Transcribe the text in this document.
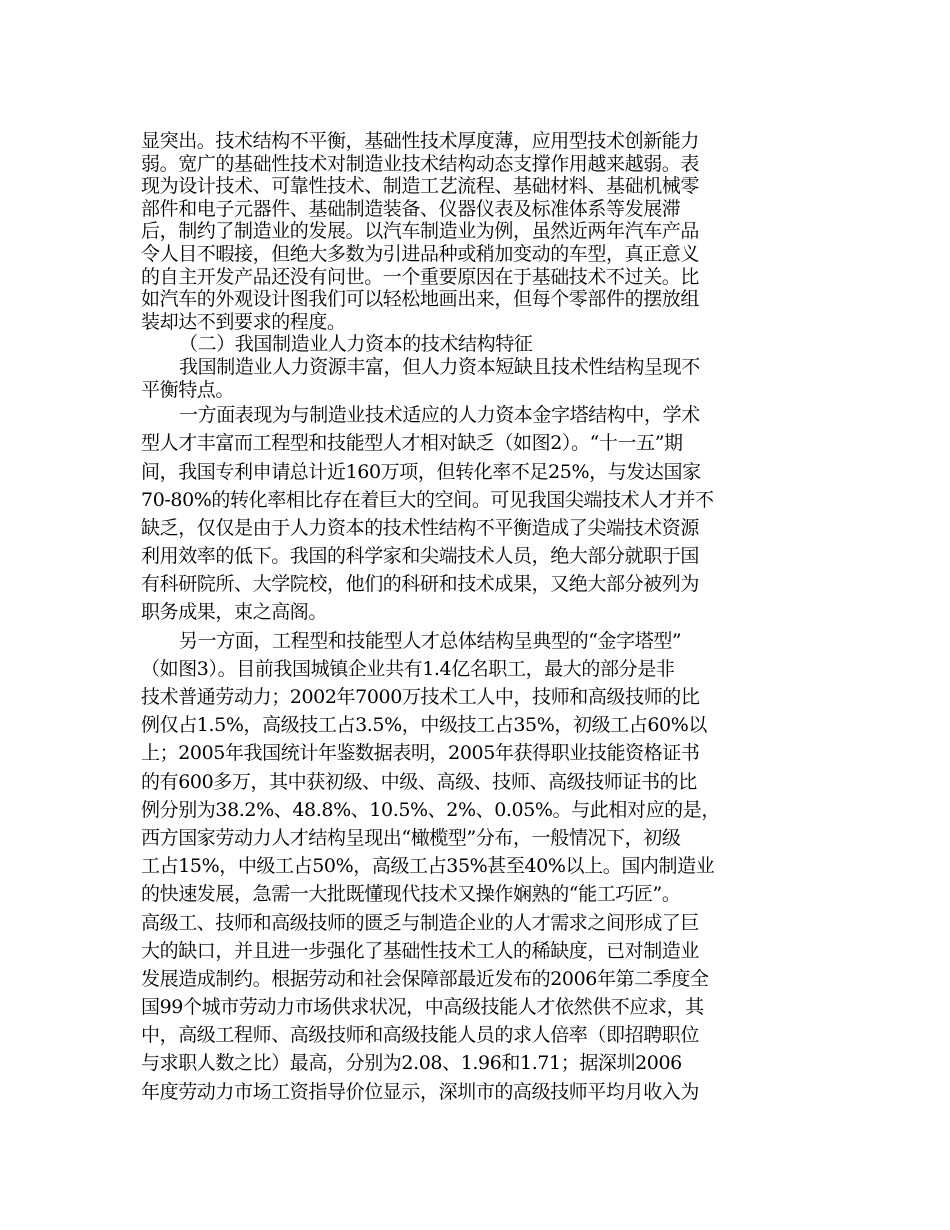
显突出。技术结构不平衡，基础性技术厚度薄，应用型技术创新能力
弱。宽广的基础性技术对制造业技术结构动态支撑作用越来越弱。表
现为设计技术、可靠性技术、制造工艺流程、基础材料、基础机械零
部件和电子元器件、基础制造装备、仪器仪表及标准体系等发展滞
后，制约了制造业的发展。以汽车制造业为例，虽然近两年汽车产品
令人目不暇接，但绝大多数为引进品种或稍加变动的车型，真正意义
的自主开发产品还没有问世。一个重要原因在于基础技术不过关。比
如汽车的外观设计图我们可以轻松地画出来，但每个零部件的摆放组
装却达不到要求的程度。
（二）我国制造业人力资本的技术结构特征
我国制造业人力资源丰富，但人力资本短缺且技术性结构呈现不
平衡特点。
一方面表现为与制造业技术适应的人力资本金字塔结构中，学术
型人才丰富而工程型和技能型人才相对缺乏（如图2）。“十一五”期
间，我国专利申请总计近160万项，但转化率不足25%，与发达国家
70-80%的转化率相比存在着巨大的空间。可见我国尖端技术人才并不
缺乏，仅仅是由于人力资本的技术性结构不平衡造成了尖端技术资源
利用效率的低下。我国的科学家和尖端技术人员，绝大部分就职于国
有科研院所、大学院校，他们的科研和技术成果，又绝大部分被列为
职务成果，束之高阁。
另一方面，工程型和技能型人才总体结构呈典型的“金字塔型”
（如图3）。目前我国城镇企业共有1.4亿名职工，最大的部分是非
技术普通劳动力；2002年7000万技术工人中，技师和高级技师的比
例仅占1.5%，高级技工占3.5%，中级技工占35%，初级工占60%以
上；2005年我国统计年鉴数据表明，2005年获得职业技能资格证书
的有600多万，其中获初级、中级、高级、技师、高级技师证书的比
例分别为38.2%、48.8%、10.5%、2%、0.05%。与此相对应的是，
西方国家劳动力人才结构呈现出“橄榄型”分布，一般情况下，初级
工占15%，中级工占50%，高级工占35%甚至40%以上。国内制造业
的快速发展，急需一大批既懂现代技术又操作娴熟的“能工巧匠”。
高级工、技师和高级技师的匮乏与制造企业的人才需求之间形成了巨
大的缺口，并且进一步强化了基础性技术工人的稀缺度，已对制造业
发展造成制约。根据劳动和社会保障部最近发布的2006年第二季度全
国99个城市劳动力市场供求状况，中高级技能人才依然供不应求，其
中，高级工程师、高级技师和高级技能人员的求人倍率（即招聘职位
与求职人数之比）最高，分别为2.08、1.96和1.71；据深圳2006
年度劳动力市场工资指导价位显示，深圳市的高级技师平均月收入为
